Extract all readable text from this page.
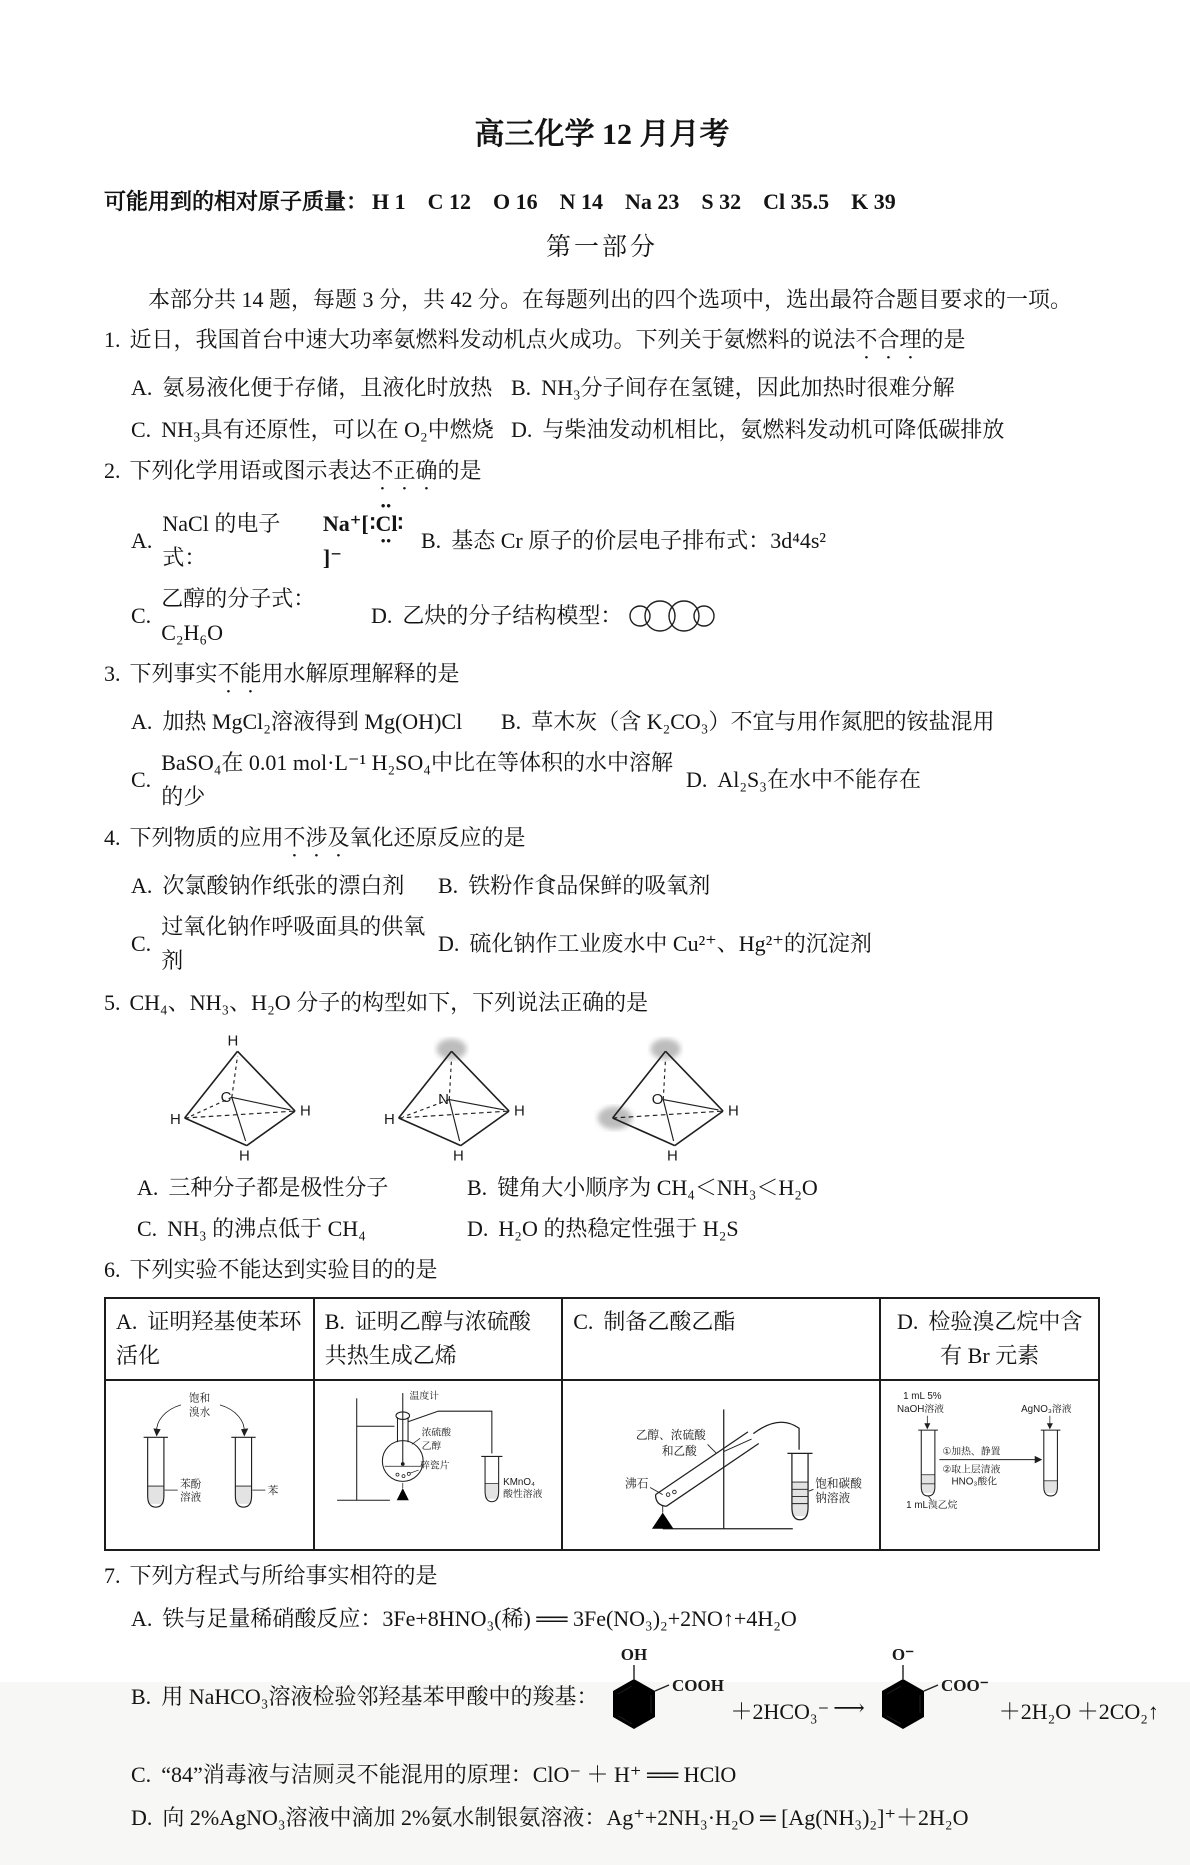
高三化学 12 月月考
可能用到的相对原子质量： H 1　C 12　O 16　N 14　Na 23　S 32　Cl 35.5　K 39
第一部分

本部分共 14 题，每题 3 分，共 42 分。在每题列出的四个选项中，选出最符合题目要求的一项。

1. 近日，我国首台中速大功率氨燃料发动机点火成功。下列关于氨燃料的说法不合理的是
A. 氨易液化便于存储，且液化时放热 B. NH₃分子间存在氢键，因此加热时很难分解
C. NH₃具有还原性，可以在 O₂中燃烧 D. 与柴油发动机相比，氨燃料发动机可降低碳排放
2. 下列化学用语或图示表达不正确的是
A.
NaCl 的电子式：
Na⁺[
••
∶Cl∶
••
]⁻
B. 基态 Cr 原子的价层电子排布式：3d⁴4s²
C.
乙醇的分子式：C₂H₆O
D. 乙炔的分子结构模型：
3. 下列事实不能用水解原理解释的是
A. 加热 MgCl₂溶液得到 Mg(OH)Cl B. 草木灰（含 K₂CO₃）不宜与用作氮肥的铵盐混用
C.
BaSO₄在 0.01 mol·L⁻¹ H₂SO₄中比在等体积的水中溶解的少
D. Al₂S₃在水中不能存在
4. 下列物质的应用不涉及氧化还原反应的是
A. 次氯酸钠作纸张的漂白剂 B. 铁粉作食品保鲜的吸氧剂
C.
过氧化钠作呼吸面具的供氧剂
D. 硫化钠作工业废水中 Cu²⁺、Hg²⁺的沉淀剂
5. CH₄、NH₃、H₂O 分子的构型如下，下列说法正确的是
H
H	H
H
C
H	H
H
N
H
H
O
A. 三种分子都是极性分子	B. 键角大小顺序为 CH₄＜NH₃＜H₂O
C. NH₃ 的沸点低于 CH₄	D. H₂O 的热稳定性强于 H₂S
6. 下列实验不能达到实验目的的是
A. 证明羟基使苯环活化	B. 证明乙醇与浓硫酸共热生成乙烯	C. 制备乙酸乙酯	D. 检验溴乙烷中含有 Br 元素

饱和
溴水
苯酚
溶液
苯

温度计
浓硫酸
乙醇
碎瓷片
KMnO₄
酸性溶液

乙醇、浓硫酸
和乙酸
沸石	饱和碳酸
钠溶液

1 mL 5%
NaOH溶液	AgNO₃溶液
①加热、静置
②取上层清液
HNO₃酸化
1 mL溴乙烷
7. 下列方程式与所给事实相符的是
A. 铁与足量稀硝酸反应：3Fe+8HNO₃(稀) ══ 3Fe(NO₃)₂+2NO↑+4H₂O
B. 用 NaHCO₃溶液检验邻羟基苯甲酸中的羧基：
OH
COOH
＋2HCO₃⁻ ⟶
O⁻
COO⁻
＋2H₂O ＋2CO₂↑
C. “84”消毒液与洁厕灵不能混用的原理：ClO⁻ ＋ H⁺ ══ HClO
D. 向 2%AgNO₃溶液中滴加 2%氨水制银氨溶液：Ag⁺+2NH₃·H₂O ═ [Ag(NH₃)₂]⁺＋2H₂O
